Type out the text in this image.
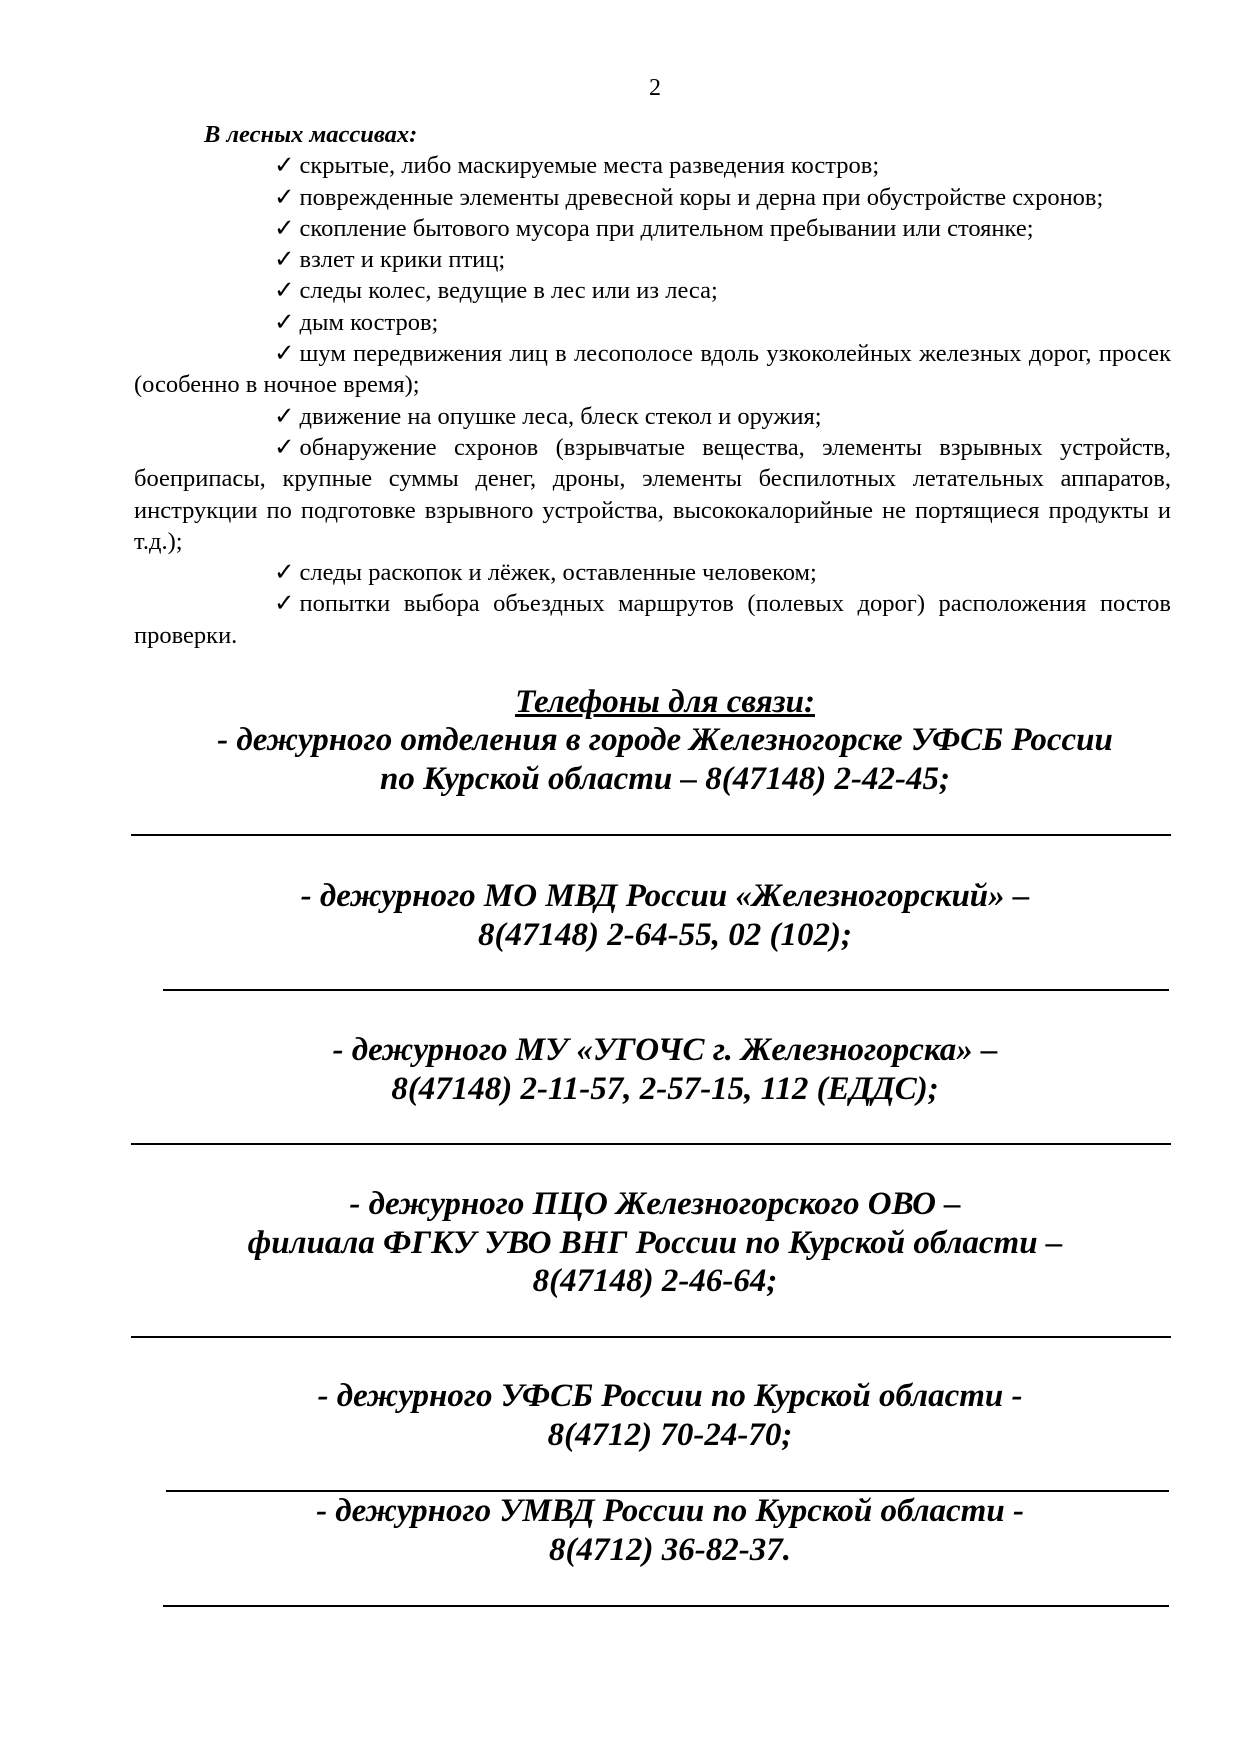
2

В лесных массивах:

✓ скрытые, либо маскируемые места разведения костров;

✓ поврежденные элементы древесной коры и дерна при обустройстве схронов;

✓ скопление бытового мусора при длительном пребывании или стоянке;

✓ взлет и крики птиц;

✓ следы колес, ведущие в лес или из леса;

✓ дым костров;

✓ шум передвижения лиц в лесополосе вдоль узкоколейных железных дорог, просек (особенно в ночное время);

✓ движение на опушке леса, блеск стекол и оружия;

✓ обнаружение схронов (взрывчатые вещества, элементы взрывных устройств, боеприпасы, крупные суммы денег, дроны, элементы беспилотных летательных аппаратов, инструкции по подготовке взрывного устройства, высококалорийные не портящиеся продукты и т.д.);

✓ следы раскопок и лёжек, оставленные человеком;

✓ попытки выбора объездных маршрутов (полевых дорог) расположения постов проверки.

Телефоны для связи:
- дежурного отделения в городе Железногорске УФСБ России
по Курской области – 8(47148) 2-42-45;
- дежурного МО МВД России «Железногорский» –
8(47148) 2-64-55, 02 (102);
- дежурного МУ «УГОЧС г. Железногорска» –
8(47148) 2-11-57, 2-57-15, 112 (ЕДДС);
- дежурного ПЦО Железногорского ОВО –
филиала ФГКУ УВО ВНГ России по Курской области –
8(47148) 2-46-64;
- дежурного УФСБ России по Курской области -
8(4712) 70-24-70;
- дежурного УМВД России по Курской области -
8(4712) 36-82-37.
